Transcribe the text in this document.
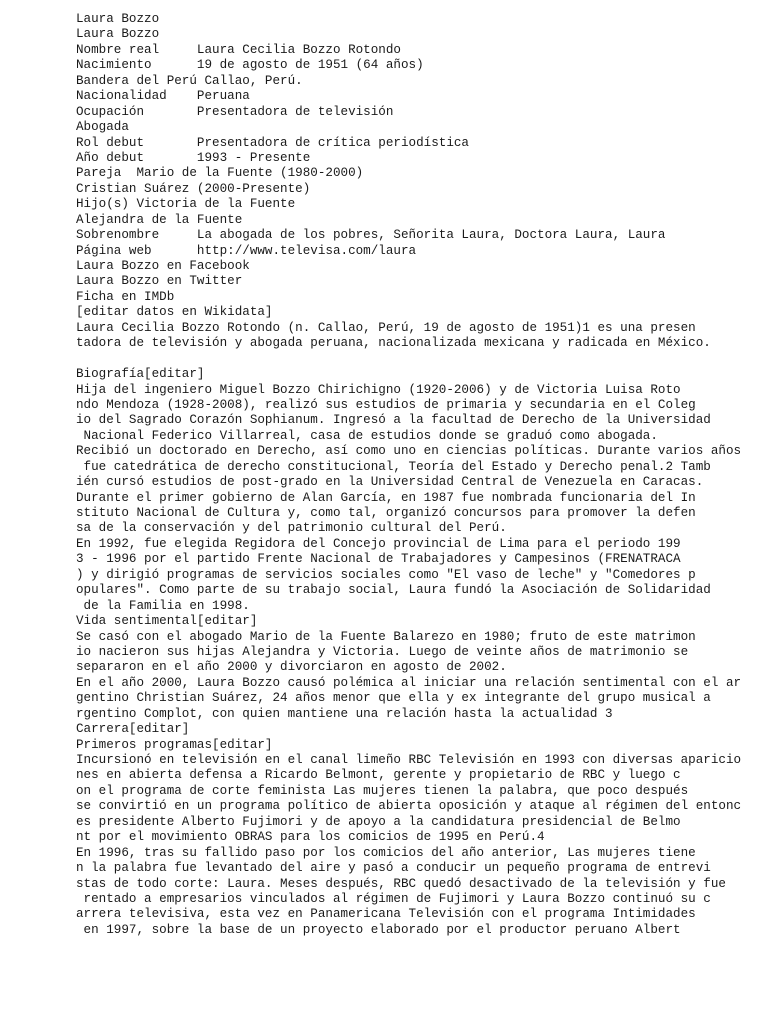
Laura Bozzo
Laura Bozzo
Nombre real     Laura Cecilia Bozzo Rotondo
Nacimiento      19 de agosto de 1951 (64 años)
Bandera del Perú Callao, Perú.
Nacionalidad    Peruana
Ocupación       Presentadora de televisión
Abogada
Rol debut       Presentadora de crítica periodística
Año debut       1993 - Presente
Pareja  Mario de la Fuente (1980-2000)
Cristian Suárez (2000-Presente)
Hijo(s) Victoria de la Fuente
Alejandra de la Fuente
Sobrenombre     La abogada de los pobres, Señorita Laura, Doctora Laura, Laura
Página web      http://www.televisa.com/laura
Laura Bozzo en Facebook
Laura Bozzo en Twitter
Ficha en IMDb
[editar datos en Wikidata]
Laura Cecilia Bozzo Rotondo (n. Callao, Perú, 19 de agosto de 1951)1 es una presen
tadora de televisión y abogada peruana, nacionalizada mexicana y radicada en México.
Biografía[editar]
Hija del ingeniero Miguel Bozzo Chirichigno (1920-2006) y de Victoria Luisa Roto
ndo Mendoza (1928-2008), realizó sus estudios de primaria y secundaria en el Coleg
io del Sagrado Corazón Sophianum. Ingresó a la facultad de Derecho de la Universidad
Nacional Federico Villarreal, casa de estudios donde se graduó como abogada.
Recibió un doctorado en Derecho, así como uno en ciencias políticas. Durante varios años
fue catedrática de derecho constitucional, Teoría del Estado y Derecho penal.2 Tamb
ién cursó estudios de post-grado en la Universidad Central de Venezuela en Caracas.
Durante el primer gobierno de Alan García, en 1987 fue nombrada funcionaria del In
stituto Nacional de Cultura y, como tal, organizó concursos para promover la defen
sa de la conservación y del patrimonio cultural del Perú.
En 1992, fue elegida Regidora del Concejo provincial de Lima para el periodo 199
3 - 1996 por el partido Frente Nacional de Trabajadores y Campesinos (FRENATRACA
) y dirigió programas de servicios sociales como "El vaso de leche" y "Comedores p
opulares". Como parte de su trabajo social, Laura fundó la Asociación de Solidaridad
de la Familia en 1998.
Vida sentimental[editar]
Se casó con el abogado Mario de la Fuente Balarezo en 1980; fruto de este matrimon
io nacieron sus hijas Alejandra y Victoria. Luego de veinte años de matrimonio se
separaron en el año 2000 y divorciaron en agosto de 2002.
En el año 2000, Laura Bozzo causó polémica al iniciar una relación sentimental con el ar
gentino Christian Suárez, 24 años menor que ella y ex integrante del grupo musical a
rgentino Complot, con quien mantiene una relación hasta la actualidad 3
Carrera[editar]
Primeros programas[editar]
Incursionó en televisión en el canal limeño RBC Televisión en 1993 con diversas aparicio
nes en abierta defensa a Ricardo Belmont, gerente y propietario de RBC y luego c
on el programa de corte feminista Las mujeres tienen la palabra, que poco después
se convirtió en un programa político de abierta oposición y ataque al régimen del entonc
es presidente Alberto Fujimori y de apoyo a la candidatura presidencial de Belmo
nt por el movimiento OBRAS para los comicios de 1995 en Perú.4
En 1996, tras su fallido paso por los comicios del año anterior, Las mujeres tiene
n la palabra fue levantado del aire y pasó a conducir un pequeño programa de entrevi
stas de todo corte: Laura. Meses después, RBC quedó desactivado de la televisión y fue
rentado a empresarios vinculados al régimen de Fujimori y Laura Bozzo continuó su c
arrera televisiva, esta vez en Panamericana Televisión con el programa Intimidades
en 1997, sobre la base de un proyecto elaborado por el productor peruano Albert
